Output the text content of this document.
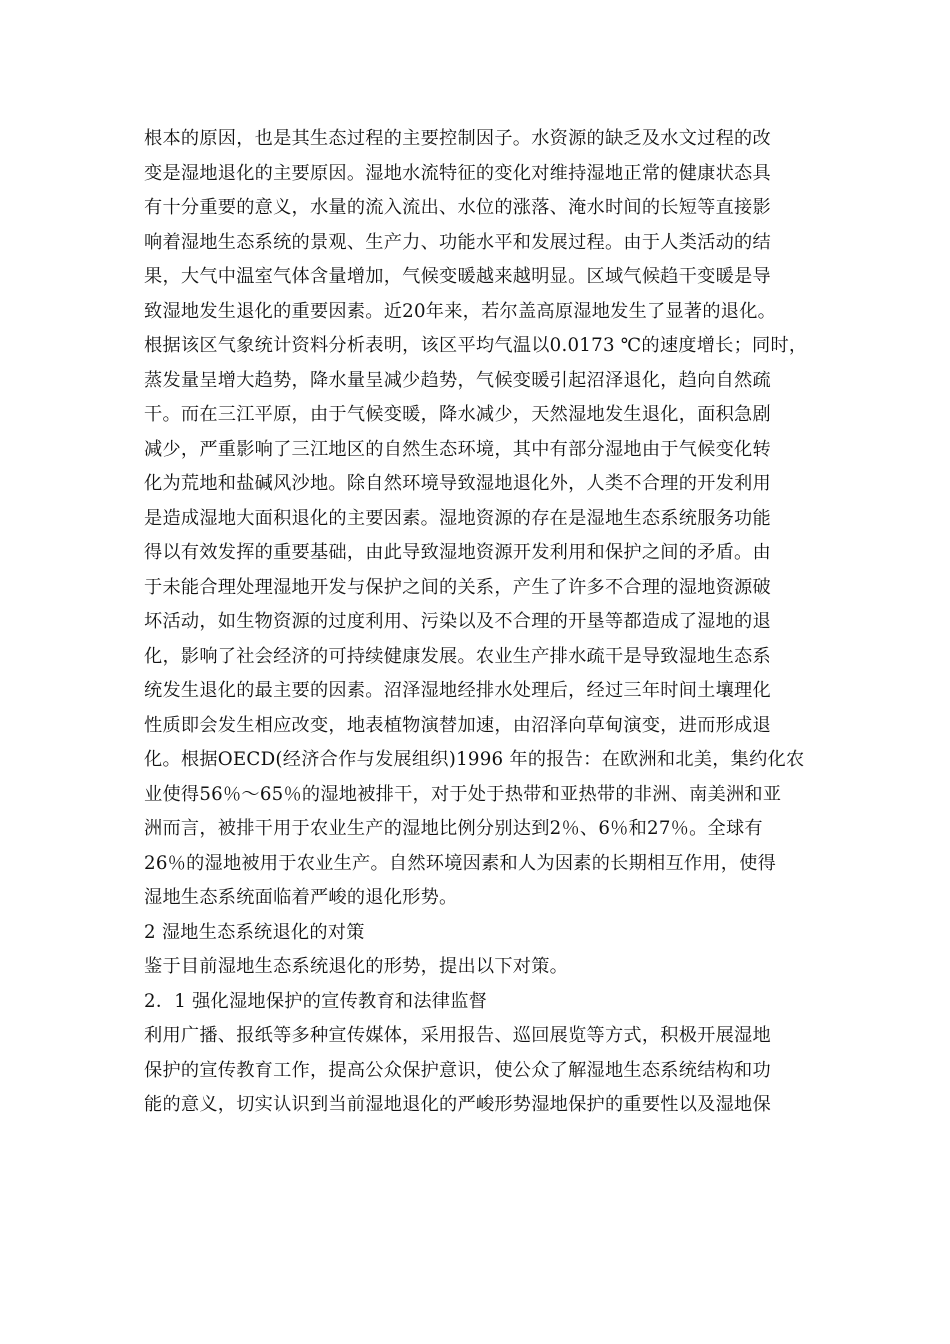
根本的原因，也是其生态过程的主要控制因子。水资源的缺乏及水文过程的改
变是湿地退化的主要原因。湿地水流特征的变化对维持湿地正常的健康状态具
有十分重要的意义，水量的流入流出、水位的涨落、淹水时间的长短等直接影
响着湿地生态系统的景观、生产力、功能水平和发展过程。由于人类活动的结
果，大气中温室气体含量增加，气候变暖越来越明显。区域气候趋干变暖是导
致湿地发生退化的重要因素。近20年来，若尔盖高原湿地发生了显著的退化。
根据该区气象统计资料分析表明，该区平均气温以0.0173 ℃的速度增长；同时，
蒸发量呈增大趋势，降水量呈减少趋势，气候变暖引起沼泽退化，趋向自然疏
干。而在三江平原，由于气候变暖，降水减少，天然湿地发生退化，面积急剧
减少，严重影响了三江地区的自然生态环境，其中有部分湿地由于气候变化转
化为荒地和盐碱风沙地。除自然环境导致湿地退化外，人类不合理的开发利用
是造成湿地大面积退化的主要因素。湿地资源的存在是湿地生态系统服务功能
得以有效发挥的重要基础，由此导致湿地资源开发利用和保护之间的矛盾。由
于未能合理处理湿地开发与保护之间的关系，产生了许多不合理的湿地资源破
坏活动，如生物资源的过度利用、污染以及不合理的开垦等都造成了湿地的退
化，影响了社会经济的可持续健康发展。农业生产排水疏干是导致湿地生态系
统发生退化的最主要的因素。沼泽湿地经排水处理后，经过三年时间土壤理化
性质即会发生相应改变，地表植物演替加速，由沼泽向草甸演变，进而形成退
化。根据OECD(经济合作与发展组织)1996 年的报告：在欧洲和北美，集约化农
业使得56％～65％的湿地被排干，对于处于热带和亚热带的非洲、南美洲和亚
洲而言，被排干用于农业生产的湿地比例分别达到2％、6％和27％。全球有
26％的湿地被用于农业生产。自然环境因素和人为因素的长期相互作用，使得
湿地生态系统面临着严峻的退化形势。
2 湿地生态系统退化的对策
鉴于目前湿地生态系统退化的形势，提出以下对策。
2．1 强化湿地保护的宣传教育和法律监督
利用广播、报纸等多种宣传媒体，采用报告、巡回展览等方式，积极开展湿地
保护的宣传教育工作，提高公众保护意识，使公众了解湿地生态系统结构和功
能的意义，切实认识到当前湿地退化的严峻形势湿地保护的重要性以及湿地保
